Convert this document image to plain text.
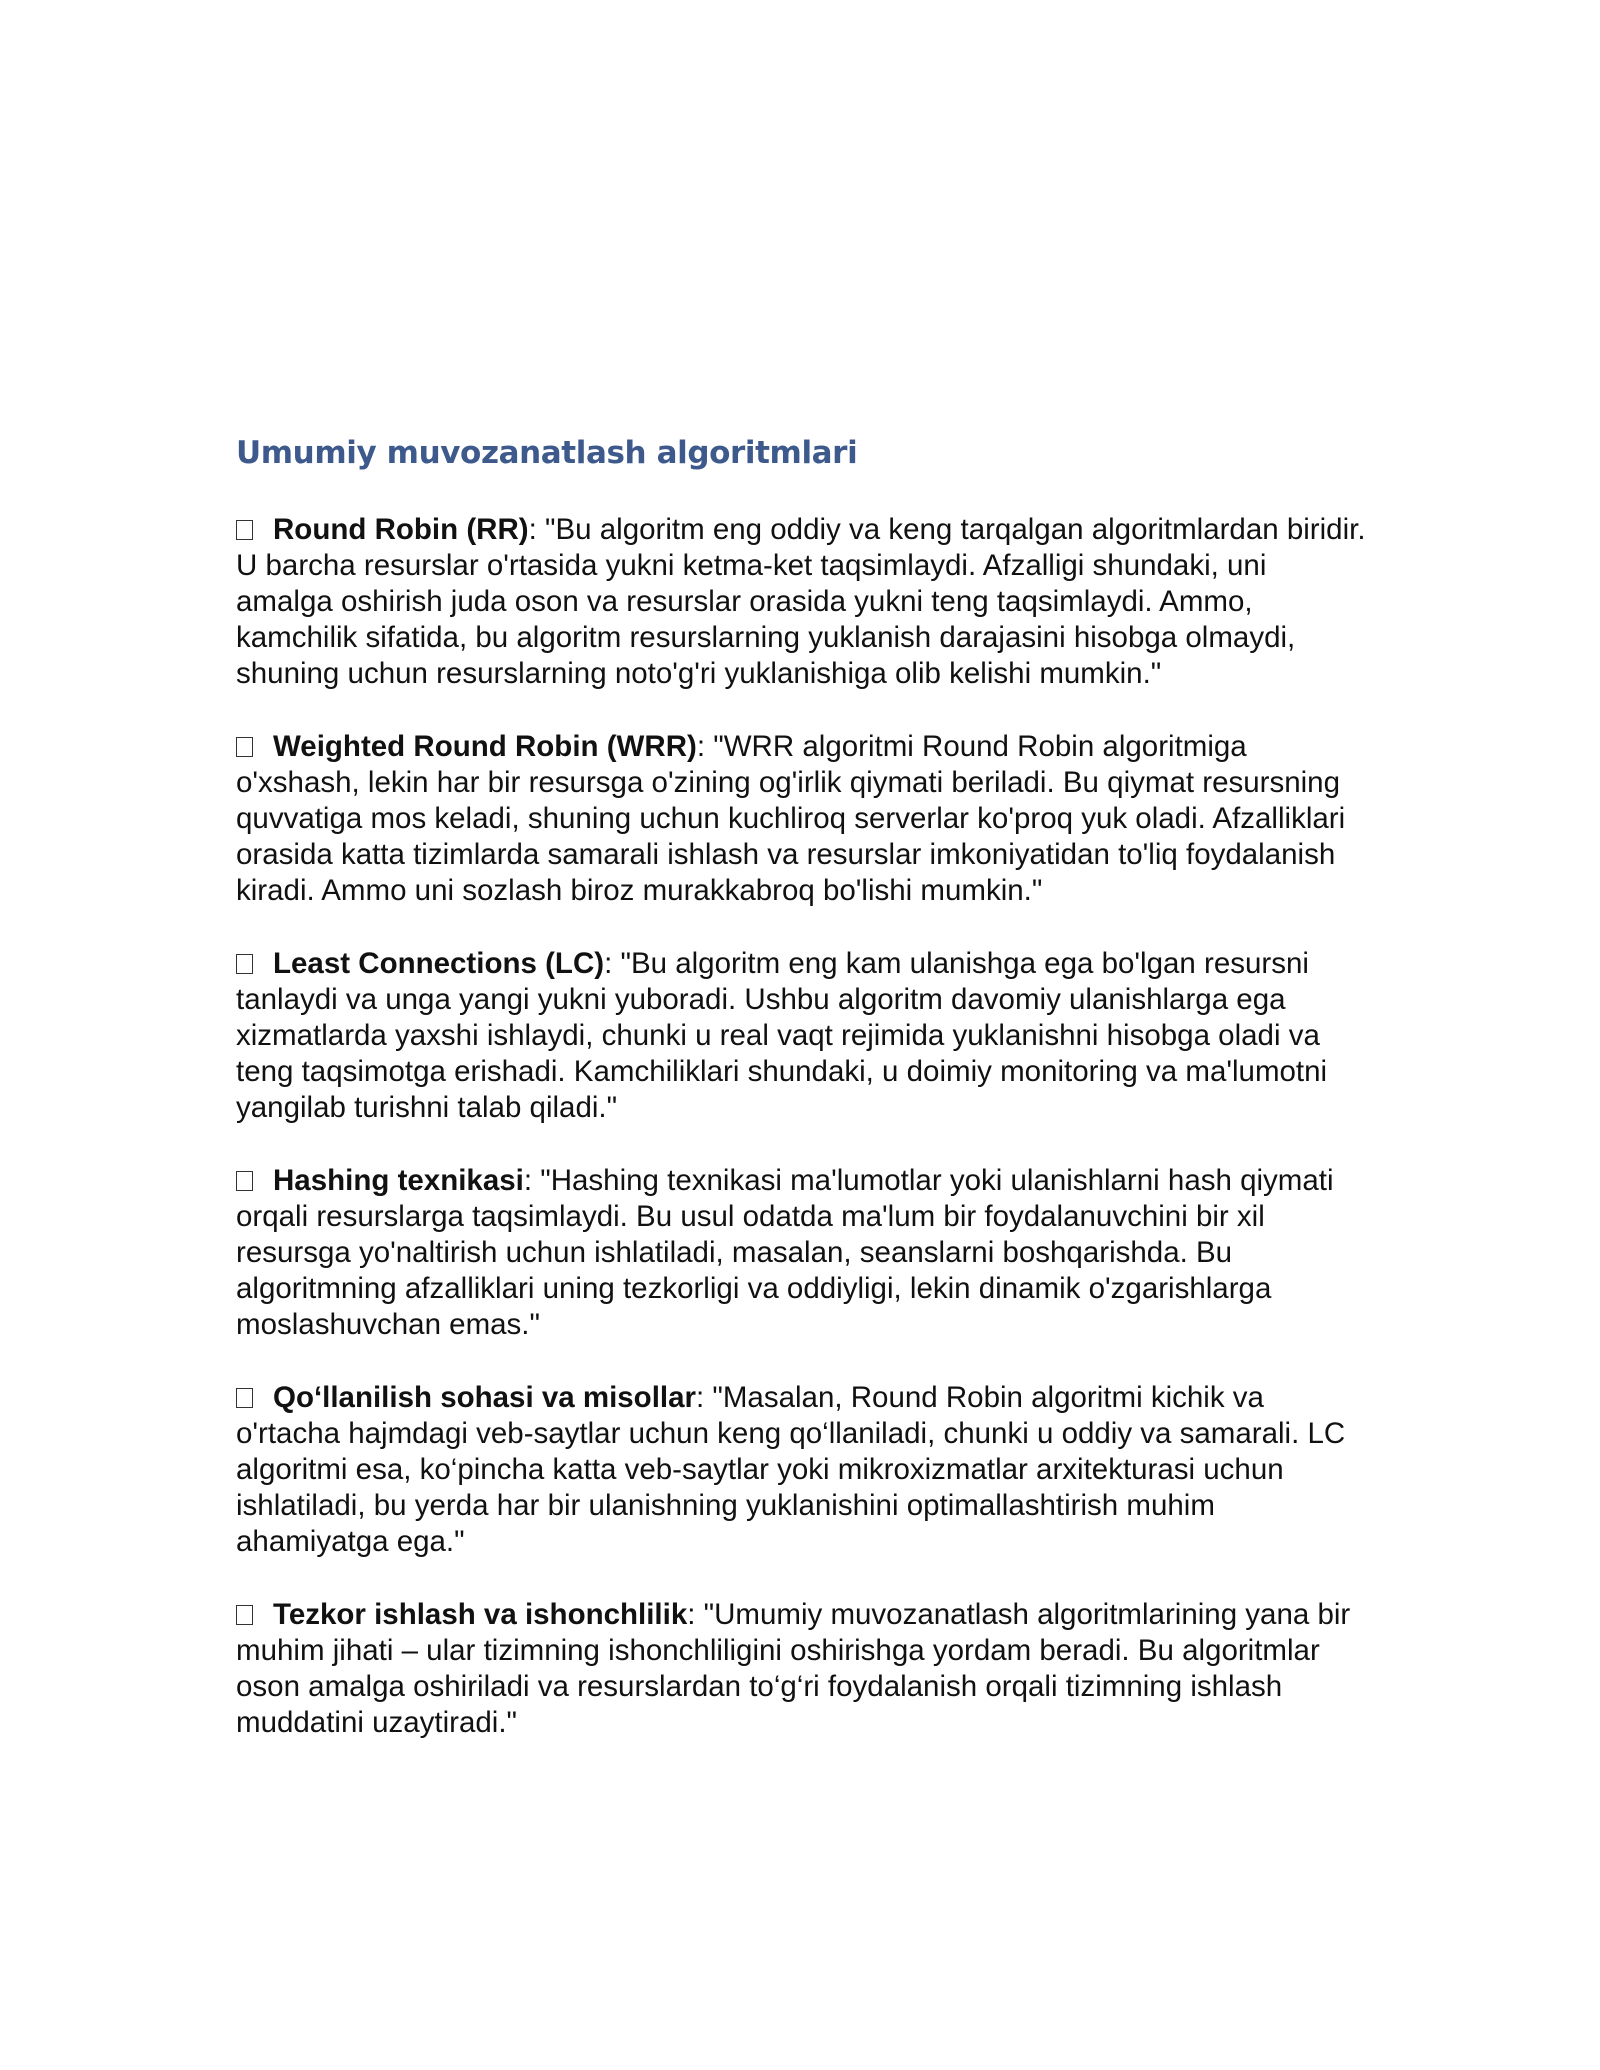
Umumiy muvozanatlash algoritmlari

Round Robin (RR): "Bu algoritm eng oddiy va keng tarqalgan algoritmlardan biridir. U barcha resurslar o'rtasida yukni ketma-ket taqsimlaydi. Afzalligi shundaki, uni amalga oshirish juda oson va resurslar orasida yukni teng taqsimlaydi. Ammo, kamchilik sifatida, bu algoritm resurslarning yuklanish darajasini hisobga olmaydi, shuning uchun resurslarning noto'g'ri yuklanishiga olib kelishi mumkin."

Weighted Round Robin (WRR): "WRR algoritmi Round Robin algoritmiga o'xshash, lekin har bir resursga o'zining og'irlik qiymati beriladi. Bu qiymat resursning quvvatiga mos keladi, shuning uchun kuchliroq serverlar ko'proq yuk oladi. Afzalliklari orasida katta tizimlarda samarali ishlash va resurslar imkoniyatidan to'liq foydalanish kiradi. Ammo uni sozlash biroz murakkabroq bo'lishi mumkin."

Least Connections (LC): "Bu algoritm eng kam ulanishga ega bo'lgan resursni tanlaydi va unga yangi yukni yuboradi. Ushbu algoritm davomiy ulanishlarga ega xizmatlarda yaxshi ishlaydi, chunki u real vaqt rejimida yuklanishni hisobga oladi va teng taqsimotga erishadi. Kamchiliklari shundaki, u doimiy monitoring va ma'lumotni yangilab turishni talab qiladi."

Hashing texnikasi: "Hashing texnikasi ma'lumotlar yoki ulanishlarni hash qiymati orqali resurslarga taqsimlaydi. Bu usul odatda ma'lum bir foydalanuvchini bir xil resursga yo'naltirish uchun ishlatiladi, masalan, seanslarni boshqarishda. Bu algoritmning afzalliklari uning tezkorligi va oddiyligi, lekin dinamik o'zgarishlarga moslashuvchan emas."

Qo‘llanilish sohasi va misollar: "Masalan, Round Robin algoritmi kichik va o'rtacha hajmdagi veb-saytlar uchun keng qo‘llaniladi, chunki u oddiy va samarali. LC algoritmi esa, ko‘pincha katta veb-saytlar yoki mikroxizmatlar arxitekturasi uchun ishlatiladi, bu yerda har bir ulanishning yuklanishini optimallashtirish muhim ahamiyatga ega."

Tezkor ishlash va ishonchlilik: "Umumiy muvozanatlash algoritmlarining yana bir muhim jihati – ular tizimning ishonchliligini oshirishga yordam beradi. Bu algoritmlar oson amalga oshiriladi va resurslardan to‘g‘ri foydalanish orqali tizimning ishlash muddatini uzaytiradi."
